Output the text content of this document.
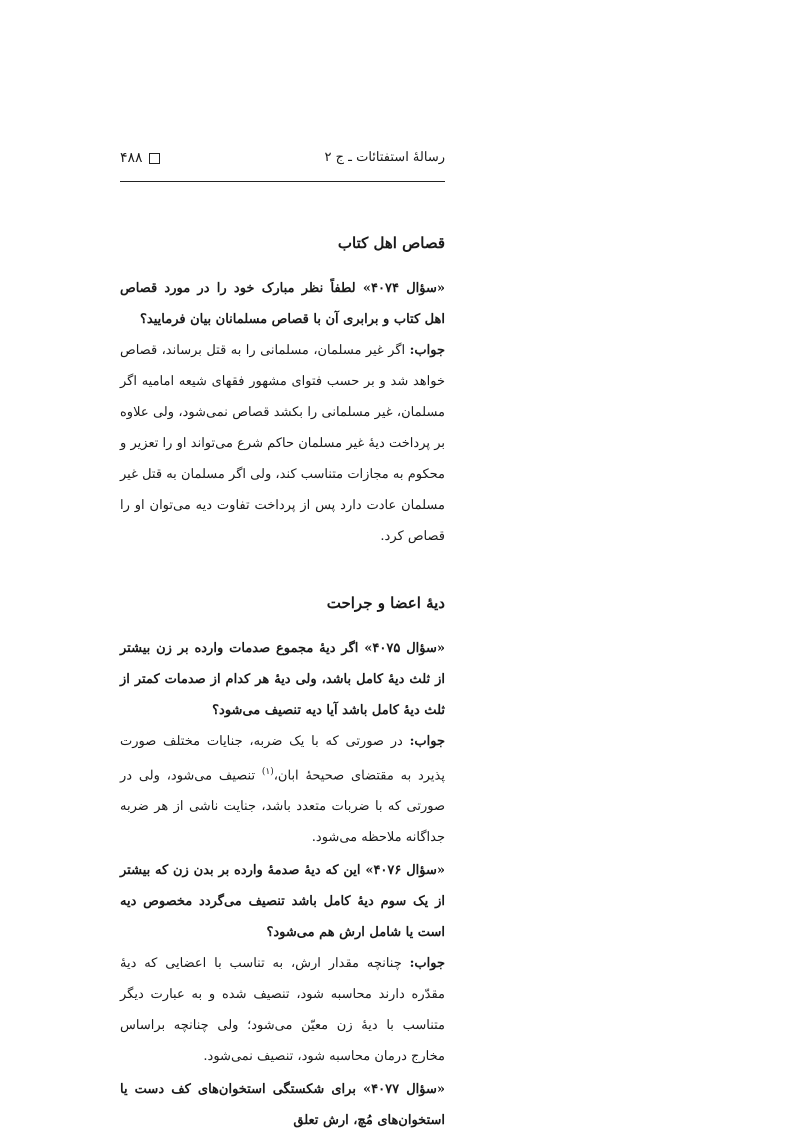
۴۸۸	رسالهٔ استفتائات ـ ج ۲
قصاص اهل کتاب

«سؤال ۴۰۷۴» لطفاً نظر مبارک خود را در مورد قصاص اهل کتاب و برابری آن با قصاص مسلمانان بیان فرمایید؟

جواب: اگر غیر مسلمان، مسلمانی را به قتل برساند، قصاص خواهد شد و بر حسب فتوای مشهور فقهای شیعه امامیه اگر مسلمان، غیر مسلمانی را بکشد قصاص نمی‌شود، ولی علاوه بر پرداخت دیهٔ غیر مسلمان حاکم شرع می‌تواند او را تعزیر و محکوم به مجازات متناسب کند، ولی اگر مسلمان به قتل غیر مسلمان عادت دارد پس از پرداخت تفاوت دیه می‌توان او را قصاص کرد.

دیهٔ اعضا و جراحت

«سؤال ۴۰۷۵» اگر دیهٔ مجموع صدمات وارده بر زن بیشتر از ثلث دیهٔ کامل باشد، ولی دیهٔ هر کدام از صدمات کمتر از ثلث دیهٔ کامل باشد آیا دیه تنصیف می‌شود؟

جواب: در صورتی که با یک ضربه، جنایات مختلف صورت پذیرد به مقتضای صحیحهٔ ابان،$^{(۱)}$ تنصیف می‌شود، ولی در صورتی که با ضربات متعدد باشد، جنایت ناشی از هر ضربه جداگانه ملاحظه می‌شود.

«سؤال ۴۰۷۶» این که دیهٔ صدمهٔ وارده بر بدن زن که بیشتر از یک سوم دیهٔ کامل باشد تنصیف می‌گردد مخصوص دیه است یا شامل ارش هم می‌شود؟

جواب: چنانچه مقدار ارش، به تناسب با اعضایی که دیهٔ مقدّره دارند محاسبه شود، تنصیف شده و به عبارت دیگر متناسب با دیهٔ زن معیّن می‌شود؛ ولی چنانچه براساس مخارج درمان محاسبه شود، تنصیف نمی‌شود.

«سؤال ۴۰۷۷» برای شکستگی استخوان‌های کف دست یا استخوان‌های مُچ، ارش تعلق
